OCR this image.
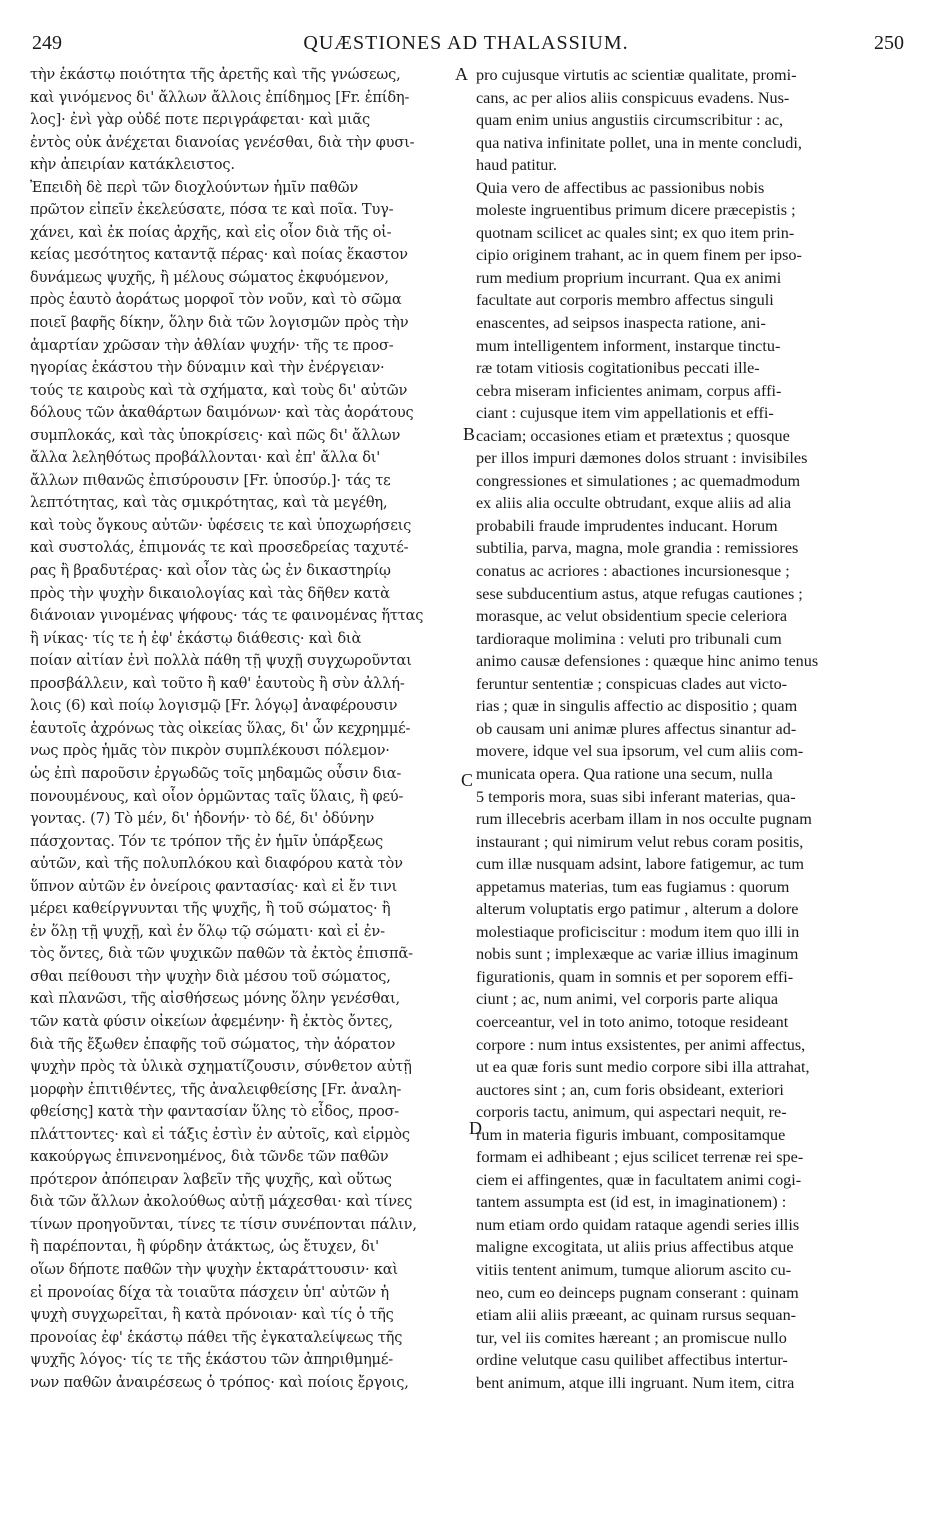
249	QUÆSTIONES AD THALASSIUM.	250
τὴν ἑκάστῳ ποιότητα τῆς ἀρετῆς καὶ τῆς γνώσεως,
καὶ γινόμενος δι' ἄλλων ἄλλοις ἐπίδημος [Fr. ἐπίδη-
λος]· ἐνὶ γὰρ οὐδέ ποτε περιγράφεται· καὶ μιᾶς
ἐντὸς οὐκ ἀνέχεται διανοίας γενέσθαι, διὰ τὴν φυσι-
κὴν ἀπειρίαν κατάκλειστος.
Ἐπειδὴ δὲ περὶ τῶν διοχλούντων ἡμῖν παθῶν
πρῶτον εἰπεῖν ἐκελεύσατε, πόσα τε καὶ ποῖα. Τυγ-
χάνει, καὶ ἐκ ποίας ἀρχῆς, καὶ εἰς οἷον διὰ τῆς οἰ-
κείας μεσότητος καταντᾷ πέρας· καὶ ποίας ἕκαστον
δυνάμεως ψυχῆς, ἢ μέλους σώματος ἐκφυόμενον,
πρὸς ἑαυτὸ ἀοράτως μορφοῖ τὸν νοῦν, καὶ τὸ σῶμα
ποιεῖ βαφῆς δίκην, ὅλην διὰ τῶν λογισμῶν πρὸς τὴν
ἁμαρτίαν χρῶσαν τὴν ἀθλίαν ψυχήν· τῆς τε προσ-
ηγορίας ἑκάστου τὴν δύναμιν καὶ τὴν ἐνέργειαν·
τούς τε καιροὺς καὶ τὰ σχήματα, καὶ τοὺς δι' αὐτῶν
δόλους τῶν ἀκαθάρτων δαιμόνων· καὶ τὰς ἀοράτους
συμπλοκάς, καὶ τὰς ὑποκρίσεις· καὶ πῶς δι' ἄλλων
ἄλλα λεληθότως προβάλλονται· καὶ ἐπ' ἄλλα δι'
ἄλλων πιθανῶς ἐπισύρουσιν [Fr. ὑποσύρ.]· τάς τε
λεπτότητας, καὶ τὰς σμικρότητας, καὶ τὰ μεγέθη,
καὶ τοὺς ὄγκους αὐτῶν· ὑφέσεις τε καὶ ὑποχωρήσεις
καὶ συστολάς, ἐπιμονάς τε καὶ προσεδρείας ταχυτέ-
ρας ἢ βραδυτέρας· καὶ οἷον τὰς ὡς ἐν δικαστηρίῳ
πρὸς τὴν ψυχὴν δικαιολογίας καὶ τὰς δῆθεν κατὰ
διάνοιαν γινομένας ψήφους· τάς τε φαινομένας ἥττας
ἢ νίκας· τίς τε ἡ ἐφ' ἑκάστῳ διάθεσις· καὶ διὰ
ποίαν αἰτίαν ἑνὶ πολλὰ πάθη τῇ ψυχῇ συγχωροῦνται
προσβάλλειν, καὶ τοῦτο ἢ καθ' ἑαυτοὺς ἢ σὺν ἀλλή-
λοις (6) καὶ ποίῳ λογισμῷ [Fr. λόγῳ] ἀναφέρουσιν
ἑαυτοῖς ἀχρόνως τὰς οἰκείας ὕλας, δι' ὧν κεχρημμέ-
νως πρὸς ἡμᾶς τὸν πικρὸν συμπλέκουσι πόλεμον·
ὡς ἐπὶ παροῦσιν ἐργωδῶς τοῖς μηδαμῶς οὖσιν δια-
πονουμένους, καὶ οἷον ὁρμῶντας ταῖς ὕλαις, ἢ φεύ-
γοντας. (7) Τὸ μέν, δι' ἡδονήν· τὸ δέ, δι' ὀδύνην
πάσχοντας. Τόν τε τρόπον τῆς ἐν ἡμῖν ὑπάρξεως
αὐτῶν, καὶ τῆς πολυπλόκου καὶ διαφόρου κατὰ τὸν
ὕπνον αὐτῶν ἐν ὀνείροις φαντασίας· καὶ εἰ ἔν τινι
μέρει καθείργνυνται τῆς ψυχῆς, ἢ τοῦ σώματος· ἢ
ἐν ὅλῃ τῇ ψυχῇ, καὶ ἐν ὅλῳ τῷ σώματι· καὶ εἰ ἐν-
τὸς ὄντες, διὰ τῶν ψυχικῶν παθῶν τὰ ἐκτὸς ἐπισπᾶ-
σθαι πείθουσι τὴν ψυχὴν διὰ μέσου τοῦ σώματος,
καὶ πλανῶσι, τῆς αἰσθήσεως μόνης ὅλην γενέσθαι,
τῶν κατὰ φύσιν οἰκείων ἀφεμένην· ἢ ἐκτὸς ὄντες,
διὰ τῆς ἔξωθεν ἐπαφῆς τοῦ σώματος, τὴν ἀόρατον
ψυχὴν πρὸς τὰ ὑλικὰ σχηματίζουσιν, σύνθετον αὐτῇ
μορφὴν ἐπιτιθέντες, τῆς ἀναλειφθείσης [Fr. ἀναλη-
φθείσης] κατὰ τὴν φαντασίαν ὕλης τὸ εἶδος, προσ-
πλάττοντες· καὶ εἰ τάξις ἐστὶν ἐν αὐτοῖς, καὶ εἱρμὸς
κακούργως ἐπινενοημένος, διὰ τῶνδε τῶν παθῶν
πρότερον ἀπόπειραν λαβεῖν τῆς ψυχῆς, καὶ οὕτως
διὰ τῶν ἄλλων ἀκολούθως αὐτῇ μάχεσθαι· καὶ τίνες
τίνων προηγοῦνται, τίνες τε τίσιν συνέπονται πάλιν,
ἢ παρέπονται, ἢ φύρδην ἀτάκτως, ὡς ἔτυχεν, δι'
οἵων δήποτε παθῶν τὴν ψυχὴν ἐκταράττουσιν· καὶ
εἰ προνοίας δίχα τὰ τοιαῦτα πάσχειν ὑπ' αὐτῶν ἡ
ψυχὴ συγχωρεῖται, ἢ κατὰ πρόνοιαν· καὶ τίς ὁ τῆς
προνοίας ἐφ' ἑκάστῳ πάθει τῆς ἐγκαταλείψεως τῆς
ψυχῆς λόγος· τίς τε τῆς ἑκάστου τῶν ἀπηριθμημέ-
νων παθῶν ἀναιρέσεως ὁ τρόπος· καὶ ποίοις ἔργοις,
pro cujusque virtutis ac scientiæ qualitate, promi-
cans, ac per alios aliis conspicuus evadens. Nus-
quam enim unius angustiis circumscribitur : ac,
qua nativa infinitate pollet, una in mente concludi,
haud patitur.
Quia vero de affectibus ac passionibus nobis
moleste ingruentibus primum dicere præcepistis ;
quotnam scilicet ac quales sint; ex quo item prin-
cipio originem trahant, ac in quem finem per ipso-
rum medium proprium incurrant. Qua ex animi
facultate aut corporis membro affectus singuli
enascentes, ad seipsos inaspecta ratione, ani-
mum intelligentem informent, instarque tinctu-
ræ totam vitiosis cogitationibus peccati ille-
cebra miseram inficientes animam, corpus affi-
ciant : cujusque item vim appellationis et effi-
caciam; occasiones etiam et prætextus ; quosque
per illos impuri dæmones dolos struant : invisibiles
congressiones et simulationes ; ac quemadmodum
ex aliis alia occulte obtrudant, exque aliis ad alia
probabili fraude imprudentes inducant. Horum
subtilia, parva, magna, mole grandia : remissiores
conatus ac acriores : abactiones incursionesque ;
sese subducentium astus, atque refugas cautiones ;
morasque, ac velut obsidentium specie celeriora
tardioraque molimina : veluti pro tribunali cum
animo causæ defensiones : quæque hinc animo tenus
feruntur sententiæ ; conspicuas clades aut victo-
rias ; quæ in singulis affectio ac dispositio ; quam
ob causam uni animæ plures affectus sinantur ad-
movere, idque vel sua ipsorum, vel cum aliis com-
municata opera. Qua ratione una secum, nulla
5 temporis mora, suas sibi inferant materias, qua-
rum illecebris acerbam illam in nos occulte pugnam
instaurant ; qui nimirum velut rebus coram positis,
cum illæ nusquam adsint, labore fatigemur, ac tum
appetamus materias, tum eas fugiamus : quorum
alterum voluptatis ergo patimur , alterum a dolore
molestiaque proficiscitur : modum item quo illi in
nobis sunt ; implexæque ac variæ illius imaginum
figurationis, quam in somnis et per soporem effi-
ciunt ; ac, num animi, vel corporis parte aliqua
coerceantur, vel in toto animo, totoque resideant
corpore : num intus exsistentes, per animi affectus,
ut ea quæ foris sunt medio corpore sibi illa attrahat,
auctores sint ; an, cum foris obsideant, exteriori
corporis tactu, animum, qui aspectari nequit, re-
rum in materia figuris imbuant, compositamque
formam ei adhibeant ; ejus scilicet terrenæ rei spe-
ciem ei affingentes, quæ in facultatem animi cogi-
tantem assumpta est (id est, in imaginationem) :
num etiam ordo quidam rataque agendi series illis
maligne excogitata, ut aliis prius affectibus atque
vitiis tentent animum, tumque aliorum ascito cu-
neo, cum eo deinceps pugnam conserant : quinam
etiam alii aliis præeant, ac quinam rursus sequan-
tur, vel iis comites hæreant ; an promiscue nullo
ordine velutque casu quilibet affectibus intertur-
bent animum, atque illi ingruant. Num item, citra
A
B
C
D
